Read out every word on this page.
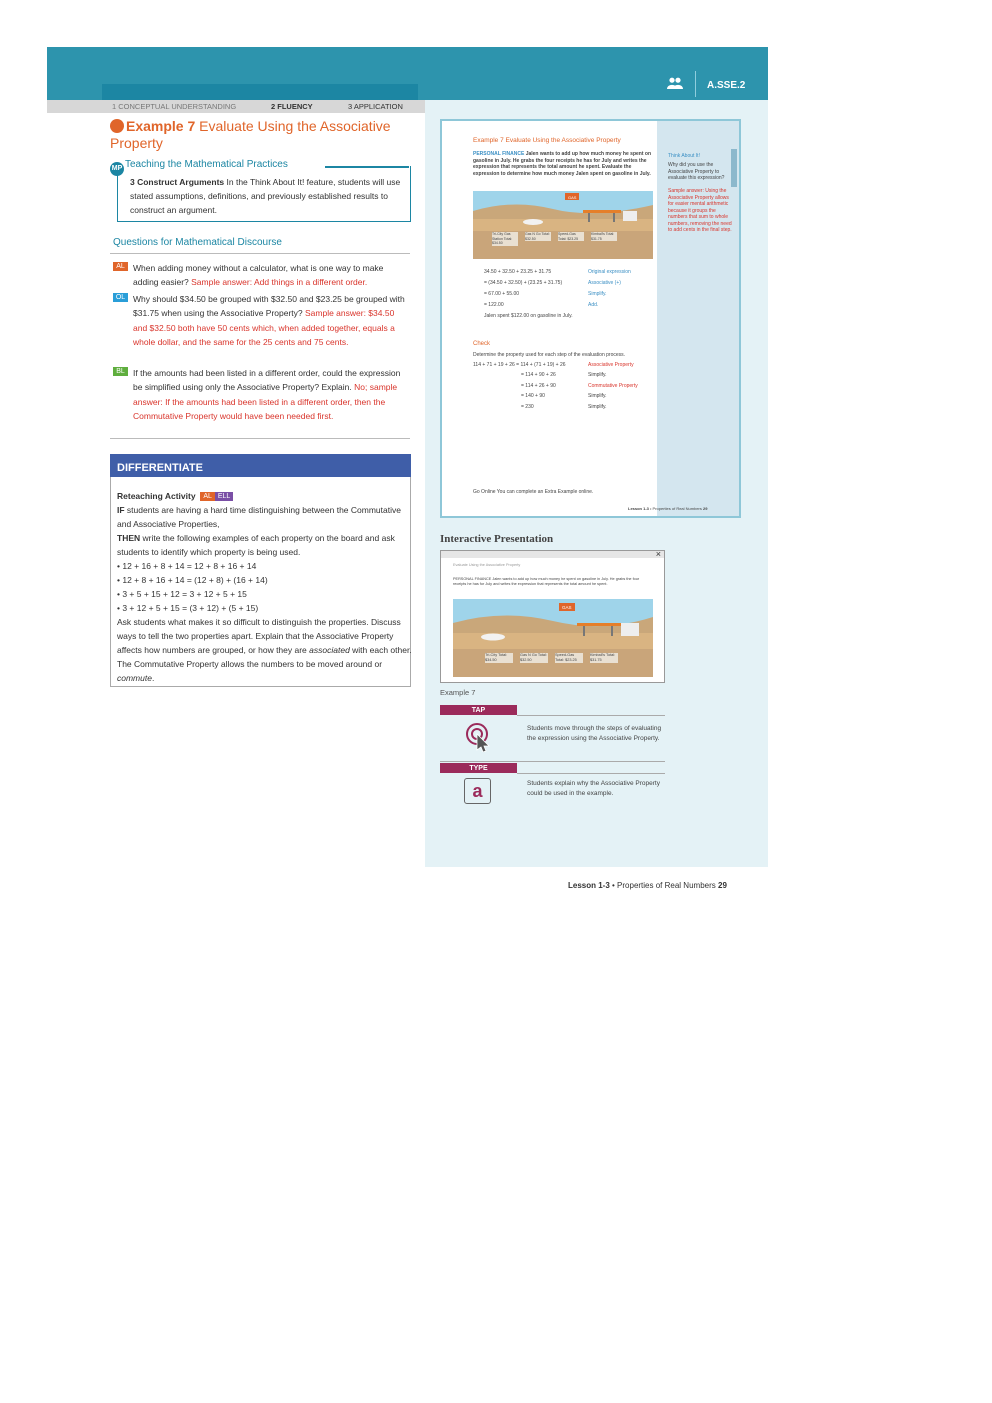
A.SSE.2
1 CONCEPTUAL UNDERSTANDING	2 FLUENCY	3 APPLICATION
Example 7 Evaluate Using the Associative Property
MP Teaching the Mathematical Practices
3 Construct Arguments In the Think About It! feature, students will use stated assumptions, definitions, and previously established results to construct an argument.
Questions for Mathematical Discourse
AL When adding money without a calculator, what is one way to make adding easier? Sample answer: Add things in a different order.
OL Why should $34.50 be grouped with $32.50 and $23.25 be grouped with $31.75 when using the Associative Property? Sample answer: $34.50 and $32.50 both have 50 cents which, when added together, equals a whole dollar, and the same for the 25 cents and 75 cents.
BL If the amounts had been listed in a different order, could the expression be simplified using only the Associative Property? Explain. No; sample answer: If the amounts had been listed in a different order, then the Commutative Property would have been needed first.
DIFFERENTIATE
Reteaching Activity AL ELL
IF students are having a hard time distinguishing between the Commutative and Associative Properties,
THEN write the following examples of each property on the board and ask students to identify which property is being used.
• 12 + 16 + 8 + 14 = 12 + 8 + 16 + 14
• 12 + 8 + 16 + 14 = (12 + 8) + (16 + 14)
• 3 + 5 + 15 + 12 = 3 + 12 + 5 + 15
• 3 + 12 + 5 + 15 = (3 + 12) + (5 + 15)
Ask students what makes it so difficult to distinguish the properties. Discuss ways to tell the two properties apart. Explain that the Associative Property affects how numbers are grouped, or how they are associated with each other. The Commutative Property allows the numbers to be moved around or commute.
Example 7 Evaluate Using the Associative Property
PERSONAL FINANCE Jalen wants to add up how much money he spent on gasoline in July. He grabs the four receipts he has for July and writes the expression that represents the total amount he spent. Evaluate the expression to determine how much money Jalen spent on gasoline in July.
GAS
Tri-City Gas Station Total: $34.50
Gas N Go Total: $32.50
Speed-Gas Total: $23.25
Kimball's Total: $31.75
34.50 + 32.50 + 23.25 + 31.75	Original expression
= (34.50 + 32.50) + (23.25 + 31.75)	Associative (+)
= 67.00 + 55.00	Simplify.
= 122.00	Add.
Jalen spent $122.00 on gasoline in July.
Check
Determine the property used for each step of the evaluation process.
114 + 71 + 19 + 26 = 114 + (71 + 19) + 26	Associative Property
= 114 + 90 + 26	Simplify.
= 114 + 26 + 90	Commutative Property
= 140 + 90	Simplify.
= 230	Simplify.
Go Online You can complete an Extra Example online.
Think About It!
Why did you use the Associative Property to evaluate this expression?
Sample answer: Using the Associative Property allows for easier mental arithmetic because it groups the numbers that sum to whole numbers, removing the need to add cents in the final step.
Lesson 1-3 • Properties of Real Numbers 29
Interactive Presentation
×
Evaluate Using the Associative Property
PERSONAL FINANCE Jalen wants to add up how much money he spent on gasoline in July. He grabs the four receipts he has for July and writes the expression that represents the total amount he spent.
GAS
Tri-City Total: $34.50
Gas N Go Total: $32.50
Speed-Gas Total: $23.25
Kimball's Total: $31.75
Example 7
TAP
Students move through the steps of evaluating the expression using the Associative Property.
TYPE
a	Students explain why the Associative Property could be used in the example.
Lesson 1-3 • Properties of Real Numbers 29
